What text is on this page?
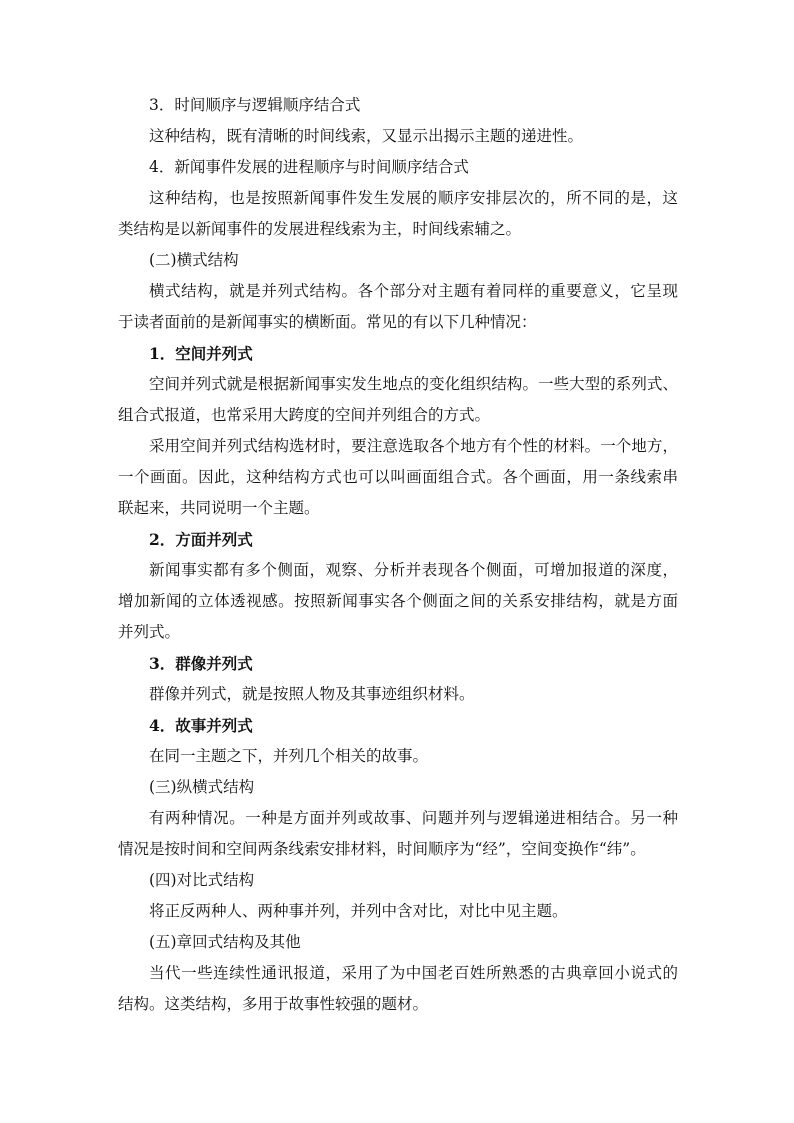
3．时间顺序与逻辑顺序结合式
这种结构，既有清晰的时间线索，又显示出揭示主题的递进性。
4．新闻事件发展的进程顺序与时间顺序结合式
这种结构，也是按照新闻事件发生发展的顺序安排层次的，所不同的是，这
类结构是以新闻事件的发展进程线索为主，时间线索辅之。
(二)横式结构
横式结构，就是并列式结构。各个部分对主题有着同样的重要意义，它呈现
于读者面前的是新闻事实的横断面。常见的有以下几种情况：
1．空间并列式
空间并列式就是根据新闻事实发生地点的变化组织结构。一些大型的系列式、
组合式报道，也常采用大跨度的空间并列组合的方式。
采用空间并列式结构选材时，要注意选取各个地方有个性的材料。一个地方，
一个画面。因此，这种结构方式也可以叫画面组合式。各个画面，用一条线索串
联起来，共同说明一个主题。
2．方面并列式
新闻事实都有多个侧面，观察、分析并表现各个侧面，可增加报道的深度，
增加新闻的立体透视感。按照新闻事实各个侧面之间的关系安排结构，就是方面
并列式。
3．群像并列式
群像并列式，就是按照人物及其事迹组织材料。
4．故事并列式
在同一主题之下，并列几个相关的故事。
(三)纵横式结构
有两种情况。一种是方面并列或故事、问题并列与逻辑递进相结合。另一种
情况是按时间和空间两条线索安排材料，时间顺序为“经”，空间变换作“纬”。
(四)对比式结构
将正反两种人、两种事并列，并列中含对比，对比中见主题。
(五)章回式结构及其他
当代一些连续性通讯报道，采用了为中国老百姓所熟悉的古典章回小说式的
结构。这类结构，多用于故事性较强的题材。
